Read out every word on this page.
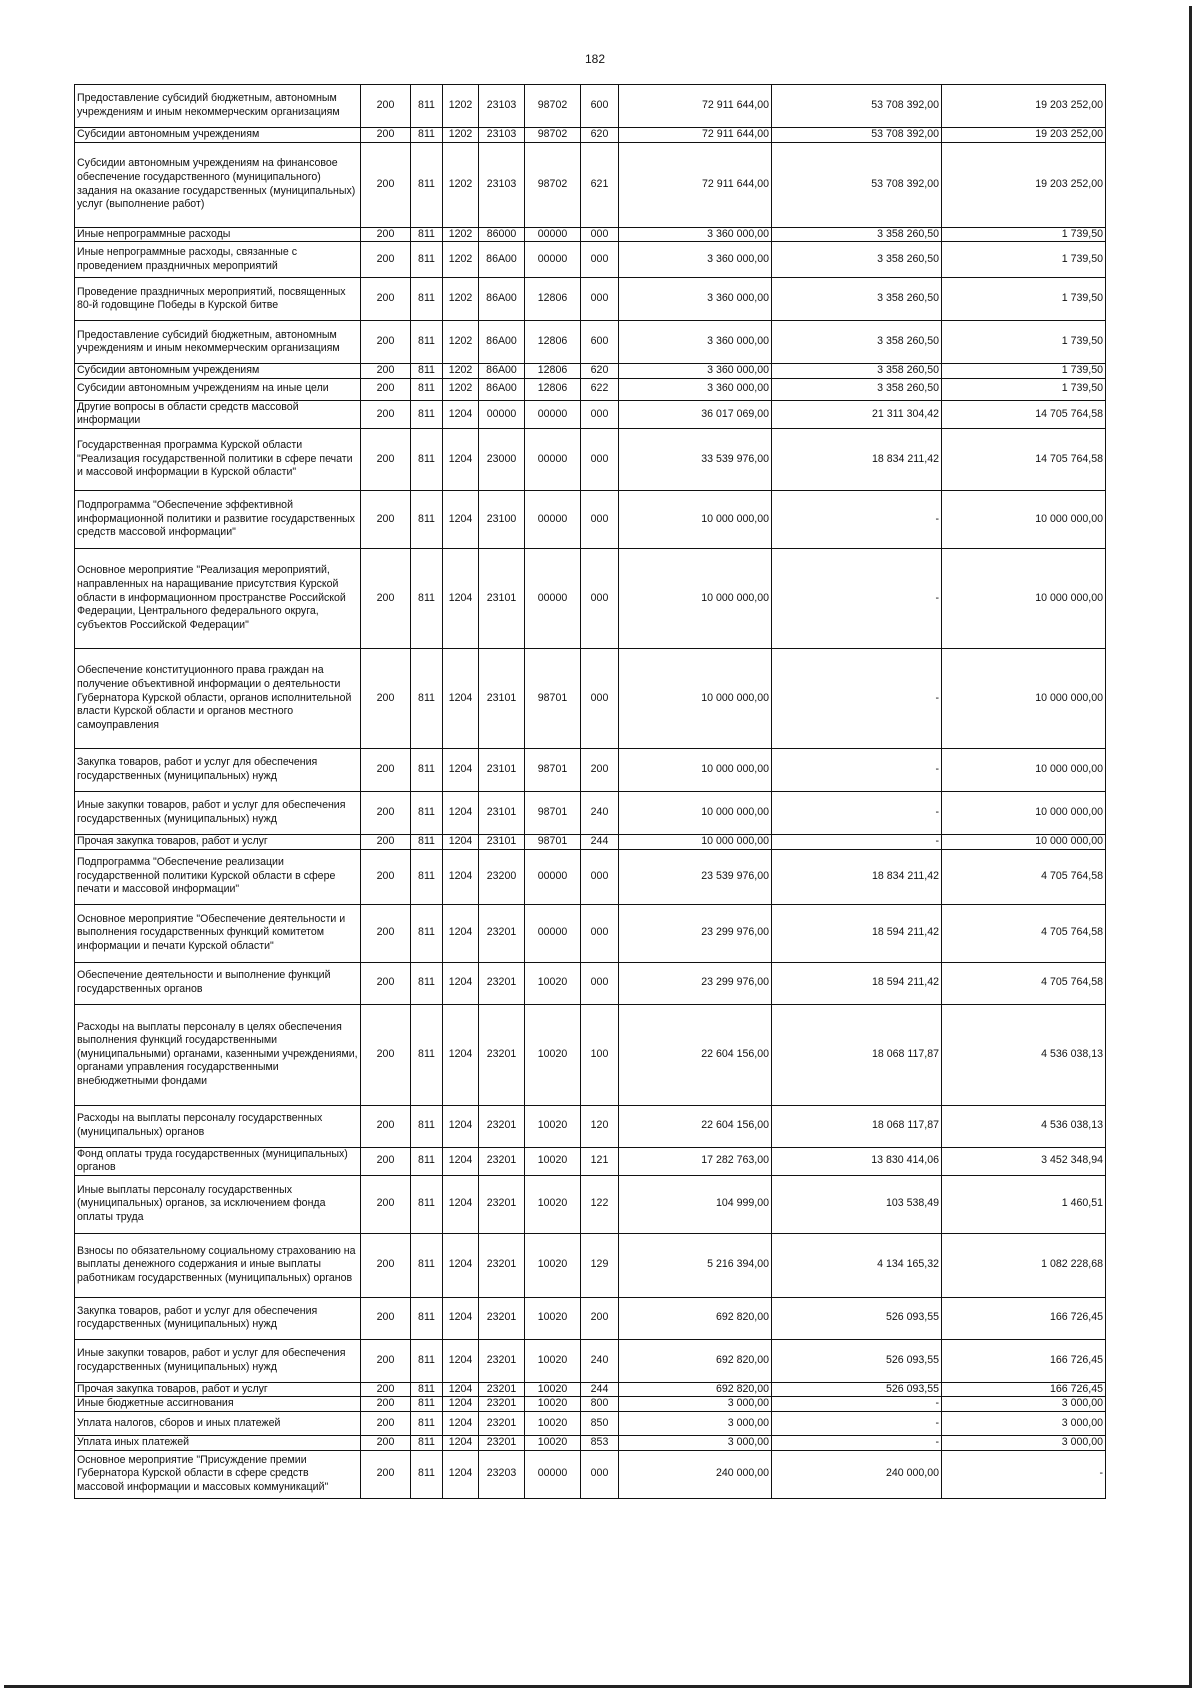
182
Предоставление субсидий бюджетным, автономным учреждениям и иным некоммерческим организациям	200	811	1202	23103	98702	600	72 911 644,00	53 708 392,00	19 203 252,00
Субсидии автономным учреждениям	200	811	1202	23103	98702	620	72 911 644,00	53 708 392,00	19 203 252,00
Субсидии автономным учреждениям на финансовое обеспечение государственного (муниципального) задания на оказание государственных (муниципальных) услуг (выполнение работ)	200	811	1202	23103	98702	621	72 911 644,00	53 708 392,00	19 203 252,00
Иные непрограммные расходы	200	811	1202	86000	00000	000	3 360 000,00	3 358 260,50	1 739,50
Иные непрограммные расходы, связанные с проведением праздничных мероприятий	200	811	1202	86А00	00000	000	3 360 000,00	3 358 260,50	1 739,50
Проведение праздничных мероприятий, посвященных 80-й годовщине Победы в Курской битве	200	811	1202	86А00	12806	000	3 360 000,00	3 358 260,50	1 739,50
Предоставление субсидий бюджетным, автономным учреждениям и иным некоммерческим организациям	200	811	1202	86А00	12806	600	3 360 000,00	3 358 260,50	1 739,50
Субсидии автономным учреждениям	200	811	1202	86А00	12806	620	3 360 000,00	3 358 260,50	1 739,50
Субсидии автономным учреждениям на иные цели	200	811	1202	86А00	12806	622	3 360 000,00	3 358 260,50	1 739,50
Другие вопросы в области средств массовой информации	200	811	1204	00000	00000	000	36 017 069,00	21 311 304,42	14 705 764,58
Государственная программа Курской области "Реализация государственной политики в сфере печати и массовой информации в Курской области"	200	811	1204	23000	00000	000	33 539 976,00	18 834 211,42	14 705 764,58
Подпрограмма "Обеспечение эффективной информационной политики и развитие государственных средств массовой информации"	200	811	1204	23100	00000	000	10 000 000,00	-	10 000 000,00
Основное мероприятие "Реализация мероприятий, направленных на наращивание присутствия Курской области в информационном пространстве Российской Федерации, Центрального федерального округа, субъектов Российской Федерации"	200	811	1204	23101	00000	000	10 000 000,00	-	10 000 000,00
Обеспечение конституционного права граждан на получение объективной информации о деятельности Губернатора Курской области, органов исполнительной власти Курской области и органов местного самоуправления	200	811	1204	23101	98701	000	10 000 000,00	-	10 000 000,00
Закупка товаров, работ и услуг для обеспечения государственных (муниципальных) нужд	200	811	1204	23101	98701	200	10 000 000,00	-	10 000 000,00
Иные закупки товаров, работ и услуг для обеспечения государственных (муниципальных) нужд	200	811	1204	23101	98701	240	10 000 000,00	-	10 000 000,00
Прочая закупка товаров, работ и услуг	200	811	1204	23101	98701	244	10 000 000,00	-	10 000 000,00
Подпрограмма "Обеспечение реализации государственной политики Курской области в сфере печати и массовой информации"	200	811	1204	23200	00000	000	23 539 976,00	18 834 211,42	4 705 764,58
Основное мероприятие "Обеспечение деятельности и выполнения государственных функций комитетом информации и печати Курской области"	200	811	1204	23201	00000	000	23 299 976,00	18 594 211,42	4 705 764,58
Обеспечение деятельности и выполнение функций государственных органов	200	811	1204	23201	10020	000	23 299 976,00	18 594 211,42	4 705 764,58
Расходы на выплаты персоналу в целях обеспечения выполнения функций государственными (муниципальными) органами, казенными учреждениями, органами управления государственными внебюджетными фондами	200	811	1204	23201	10020	100	22 604 156,00	18 068 117,87	4 536 038,13
Расходы на выплаты персоналу государственных (муниципальных) органов	200	811	1204	23201	10020	120	22 604 156,00	18 068 117,87	4 536 038,13
Фонд оплаты труда государственных (муниципальных) органов	200	811	1204	23201	10020	121	17 282 763,00	13 830 414,06	3 452 348,94
Иные выплаты персоналу государственных (муниципальных) органов, за исключением фонда оплаты труда	200	811	1204	23201	10020	122	104 999,00	103 538,49	1 460,51
Взносы по обязательному социальному страхованию на выплаты денежного содержания и иные выплаты работникам государственных (муниципальных) органов	200	811	1204	23201	10020	129	5 216 394,00	4 134 165,32	1 082 228,68
Закупка товаров, работ и услуг для обеспечения государственных (муниципальных) нужд	200	811	1204	23201	10020	200	692 820,00	526 093,55	166 726,45
Иные закупки товаров, работ и услуг для обеспечения государственных (муниципальных) нужд	200	811	1204	23201	10020	240	692 820,00	526 093,55	166 726,45
Прочая закупка товаров, работ и услуг	200	811	1204	23201	10020	244	692 820,00	526 093,55	166 726,45
Иные бюджетные ассигнования	200	811	1204	23201	10020	800	3 000,00	-	3 000,00
Уплата налогов, сборов и иных платежей	200	811	1204	23201	10020	850	3 000,00	-	3 000,00
Уплата иных платежей	200	811	1204	23201	10020	853	3 000,00	-	3 000,00
Основное мероприятие "Присуждение премии Губернатора Курской области в сфере средств массовой информации и массовых коммуникаций"	200	811	1204	23203	00000	000	240 000,00	240 000,00	-
